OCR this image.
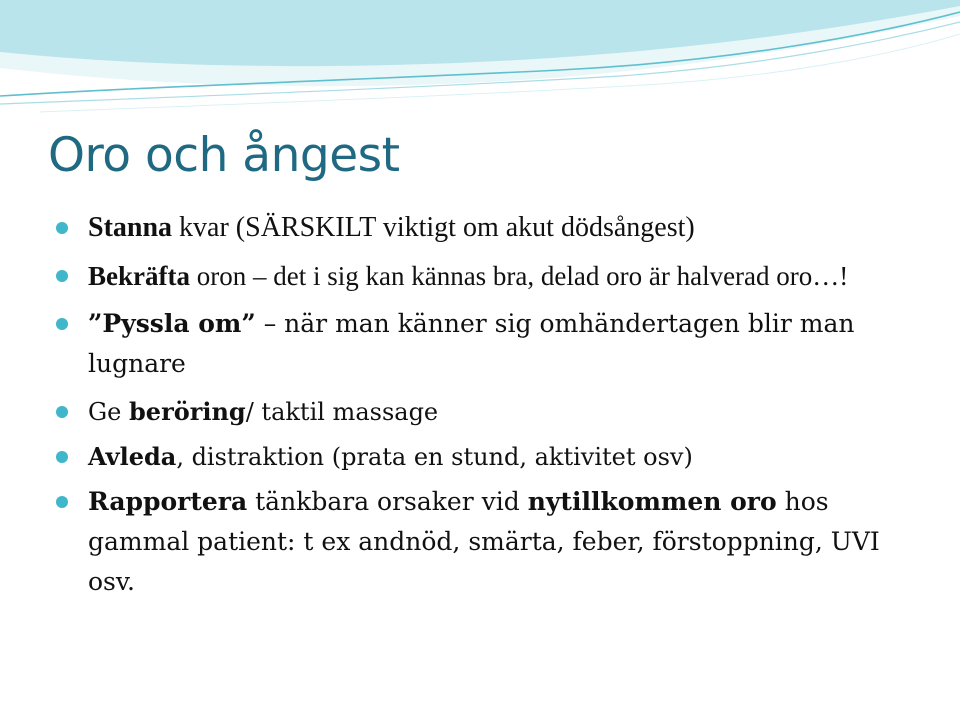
Oro och ångest
Stanna kvar (SÄRSKILT viktigt om akut dödsångest)
Bekräfta oron – det i sig kan kännas bra, delad oro är halverad oro…!
”Pyssla om” – när man känner sig omhändertagen blir man lugnare
Ge beröring/ taktil massage
Avleda, distraktion (prata en stund, aktivitet osv)
Rapportera tänkbara orsaker vid nytillkommen oro hos gammal patient: t ex andnöd, smärta, feber, förstoppning, UVI osv.
